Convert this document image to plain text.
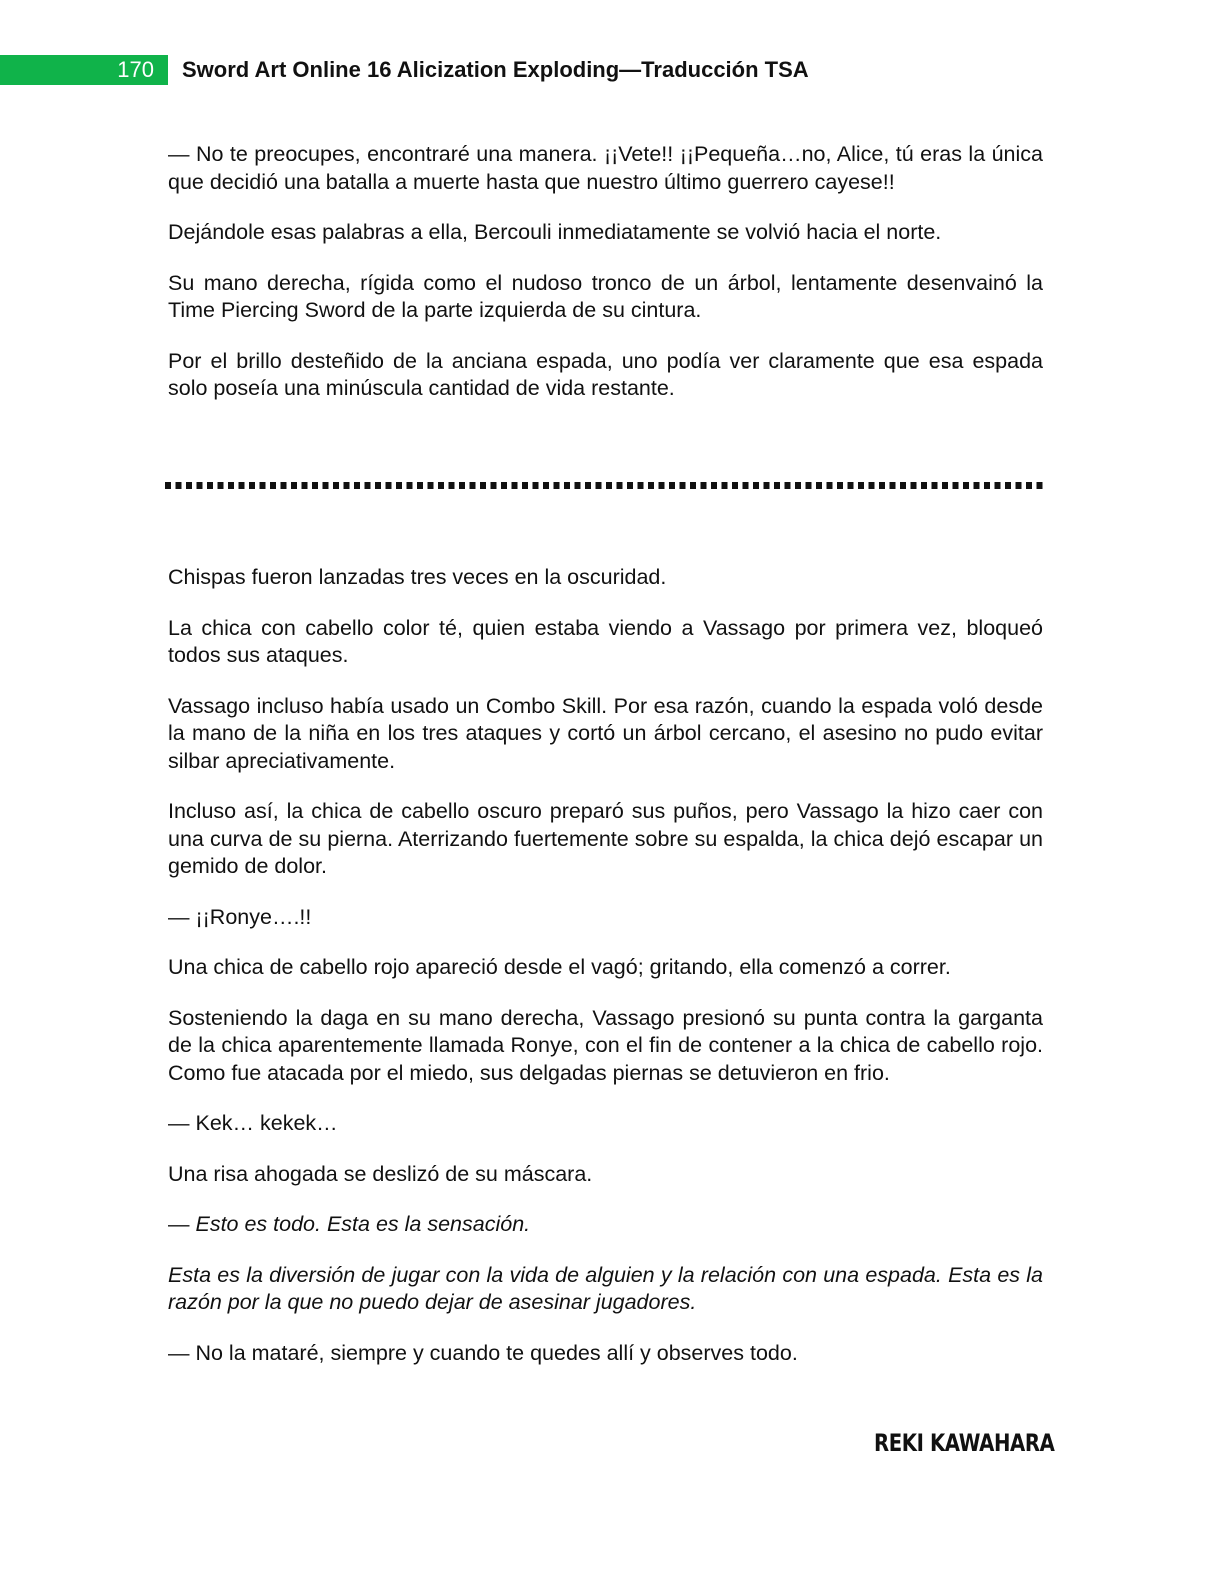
170	Sword Art Online 16 Alicization Exploding—Traducción TSA

— No te preocupes, encontraré una manera. ¡¡Vete!! ¡¡Pequeña…no, Alice, tú eras la única que decidió una batalla a muerte hasta que nuestro último guerrero cayese!!

Dejándole esas palabras a ella, Bercouli inmediatamente se volvió hacia el norte.

Su mano derecha, rígida como el nudoso tronco de un árbol, lentamente desenvainó la Time Piercing Sword de la parte izquierda de su cintura.

Por el brillo desteñido de la anciana espada, uno podía ver claramente que esa espada solo poseía una minúscula cantidad de vida restante.

Chispas fueron lanzadas tres veces en la oscuridad.

La chica con cabello color té, quien estaba viendo a Vassago por primera vez, bloqueó todos sus ataques.

Vassago incluso había usado un Combo Skill. Por esa razón, cuando la espada voló desde la mano de la niña en los tres ataques y cortó un árbol cercano, el asesino no pudo evitar silbar apreciativamente.

Incluso así, la chica de cabello oscuro preparó sus puños, pero Vassago la hizo caer con una curva de su pierna. Aterrizando fuertemente sobre su espalda, la chica dejó escapar un gemido de dolor.

— ¡¡Ronye….!!

Una chica de cabello rojo apareció desde el vagó; gritando, ella comenzó a correr.

Sosteniendo la daga en su mano derecha, Vassago presionó su punta contra la garganta de la chica aparentemente llamada Ronye, con el fin de contener a la chica de cabello rojo. Como fue atacada por el miedo, sus delgadas piernas se detuvieron en frio.

— Kek… kekek…

Una risa ahogada se deslizó de su máscara.

— Esto es todo. Esta es la sensación.

Esta es la diversión de jugar con la vida de alguien y la relación con una espada. Esta es la razón por la que no puedo dejar de asesinar jugadores.

— No la mataré, siempre y cuando te quedes allí y observes todo.

REKI KAWAHARA
